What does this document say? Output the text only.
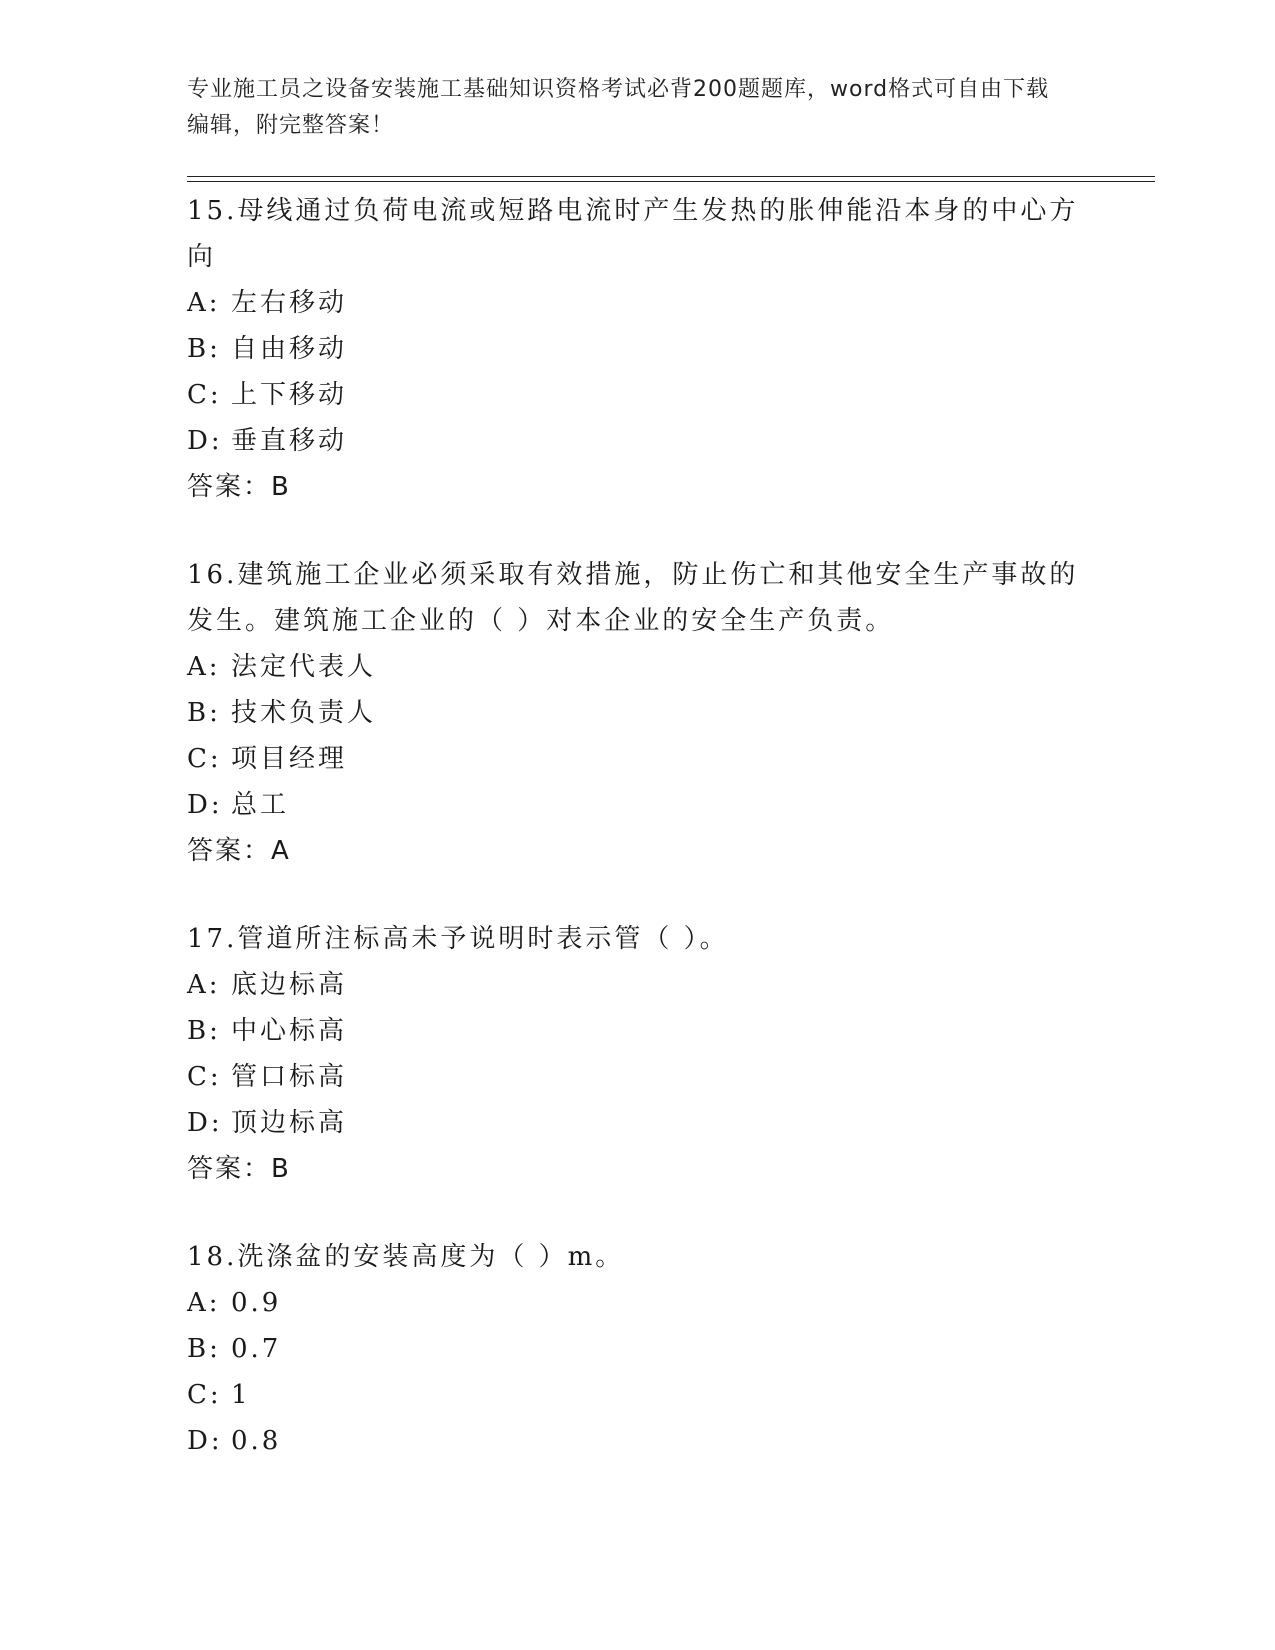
专业施工员之设备安装施工基础知识资格考试必背200题题库，word格式可自由下载编辑，附完整答案！
15.母线通过负荷电流或短路电流时产生发热的胀伸能沿本身的中心方向
A: 左右移动
B: 自由移动
C: 上下移动
D: 垂直移动
答案：B
16.建筑施工企业必须采取有效措施，防止伤亡和其他安全生产事故的发生。建筑施工企业的（ ）对本企业的安全生产负责。
A: 法定代表人
B: 技术负责人
C: 项目经理
D: 总工
答案：A
17.管道所注标高未予说明时表示管（ ）。
A: 底边标高
B: 中心标高
C: 管口标高
D: 顶边标高
答案：B
18.洗涤盆的安装高度为（ ）m。
A: 0.9
B: 0.7
C: 1
D: 0.8
